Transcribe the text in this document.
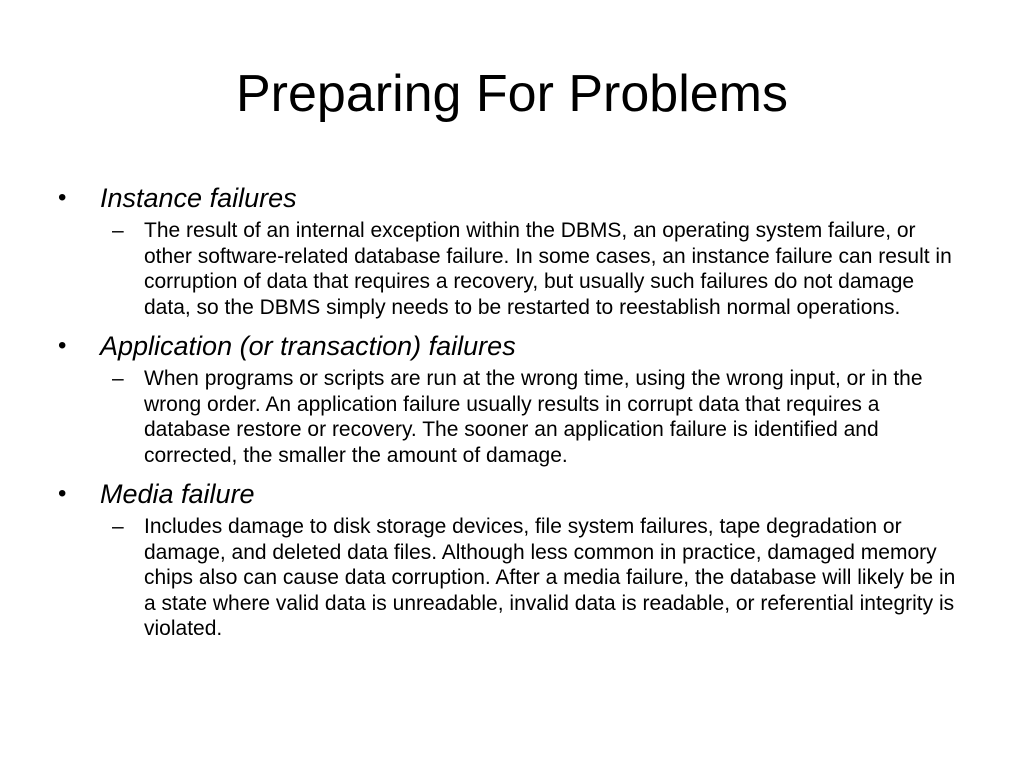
Preparing For Problems
• Instance failures
– The result of an internal exception within the DBMS, an operating system failure, or other software-related database failure. In some cases, an instance failure can result in corruption of data that requires a recovery, but usually such failures do not damage data, so the DBMS simply needs to be restarted to reestablish normal operations.
• Application (or transaction) failures
– When programs or scripts are run at the wrong time, using the wrong input, or in the wrong order. An application failure usually results in corrupt data that requires a database restore or recovery. The sooner an application failure is identified and corrected, the smaller the amount of damage.
• Media failure
– Includes damage to disk storage devices, file system failures, tape degradation or damage, and deleted data files. Although less common in practice, damaged memory chips also can cause data corruption. After a media failure, the database will likely be in a state where valid data is unreadable, invalid data is readable, or referential integrity is violated.
